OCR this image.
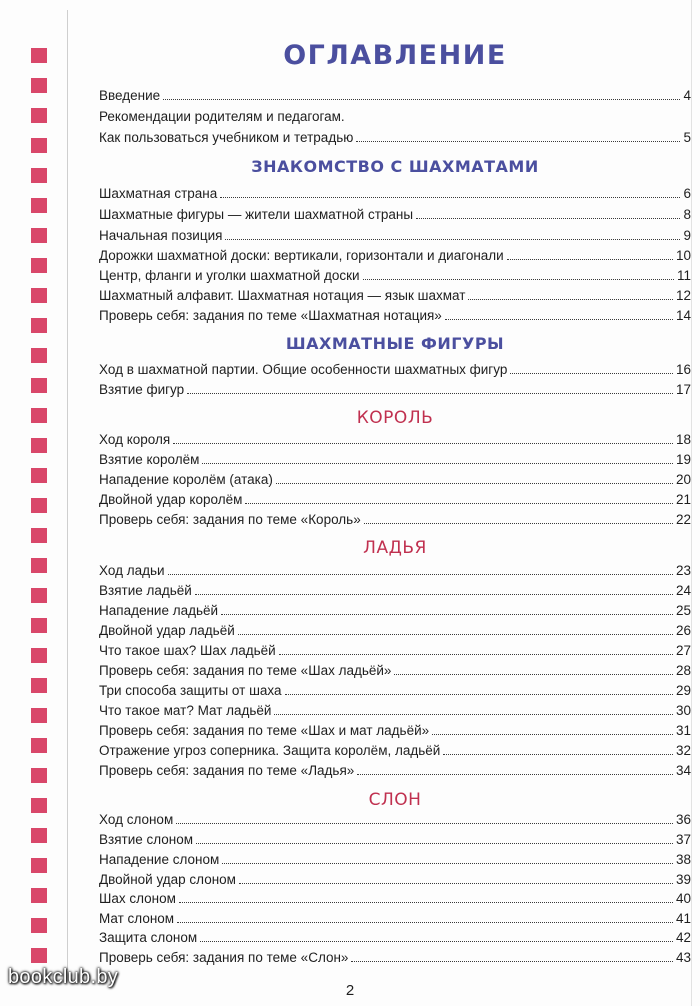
ОГЛАВЛЕНИЕ
Введение	4
Рекомендации родителям и педагогам.
Как пользоваться учебником и тетрадью	5
ЗНАКОМСТВО С ШАХМАТАМИ
Шахматная страна	6
Шахматные фигуры — жители шахматной страны	8
Начальная позиция	9
Дорожки шахматной доски: вертикали, горизонтали и диагонали	10
Центр, фланги и уголки шахматной доски	11
Шахматный алфавит. Шахматная нотация — язык шахмат	12
Проверь себя: задания по теме «Шахматная нотация»	14
ШАХМАТНЫЕ ФИГУРЫ
Ход в шахматной партии. Общие особенности шахматных фигур	16
Взятие фигур	17
КОРОЛЬ
Ход короля	18
Взятие королём	19
Нападение королём (атака)	20
Двойной удар королём	21
Проверь себя: задания по теме «Король»	22
ЛАДЬЯ
Ход ладьи	23
Взятие ладьёй	24
Нападение ладьёй	25
Двойной удар ладьёй	26
Что такое шах? Шах ладьёй	27
Проверь себя: задания по теме «Шах ладьёй»	28
Три способа защиты от шаха	29
Что такое мат? Мат ладьёй	30
Проверь себя: задания по теме «Шах и мат ладьёй»	31
Отражение угроз соперника. Защита королём, ладьёй	32
Проверь себя: задания по теме «Ладья»	34
СЛОН
Ход слоном	36
Взятие слоном	37
Нападение слоном	38
Двойной удар слоном	39
Шах слоном	40
Мат слоном	41
Защита слоном	42
Проверь себя: задания по теме «Слон»	43
2
bookclub.by
